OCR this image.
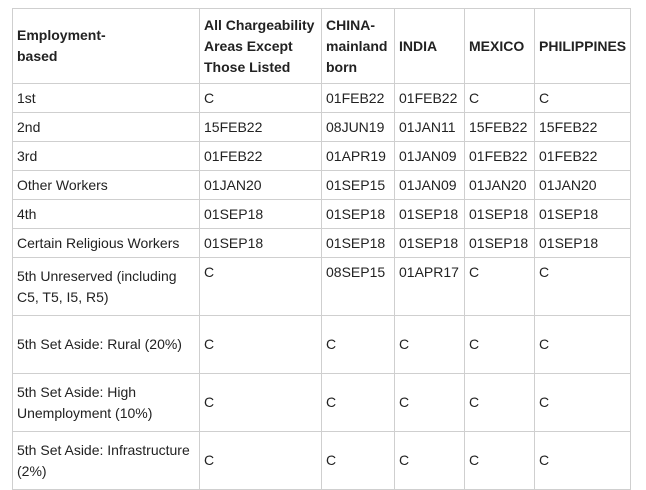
Employment-
based	All Chargeability Areas Except Those Listed	CHINA-mainland born	INDIA	MEXICO	PHILIPPINES
1st	C	01FEB22	01FEB22	C	C
2nd	15FEB22	08JUN19	01JAN11	15FEB22	15FEB22
3rd	01FEB22	01APR19	01JAN09	01FEB22	01FEB22
Other Workers	01JAN20	01SEP15	01JAN09	01JAN20	01JAN20
4th	01SEP18	01SEP18	01SEP18	01SEP18	01SEP18
Certain Religious Workers	01SEP18	01SEP18	01SEP18	01SEP18	01SEP18
5th Unreserved (including C5, T5, I5, R5)	C	08SEP15	01APR17	C	C
5th Set Aside: Rural (20%)	C	C	C	C	C
5th Set Aside: High Unemployment (10%)	C	C	C	C	C
5th Set Aside: Infrastructure (2%)	C	C	C	C	C
